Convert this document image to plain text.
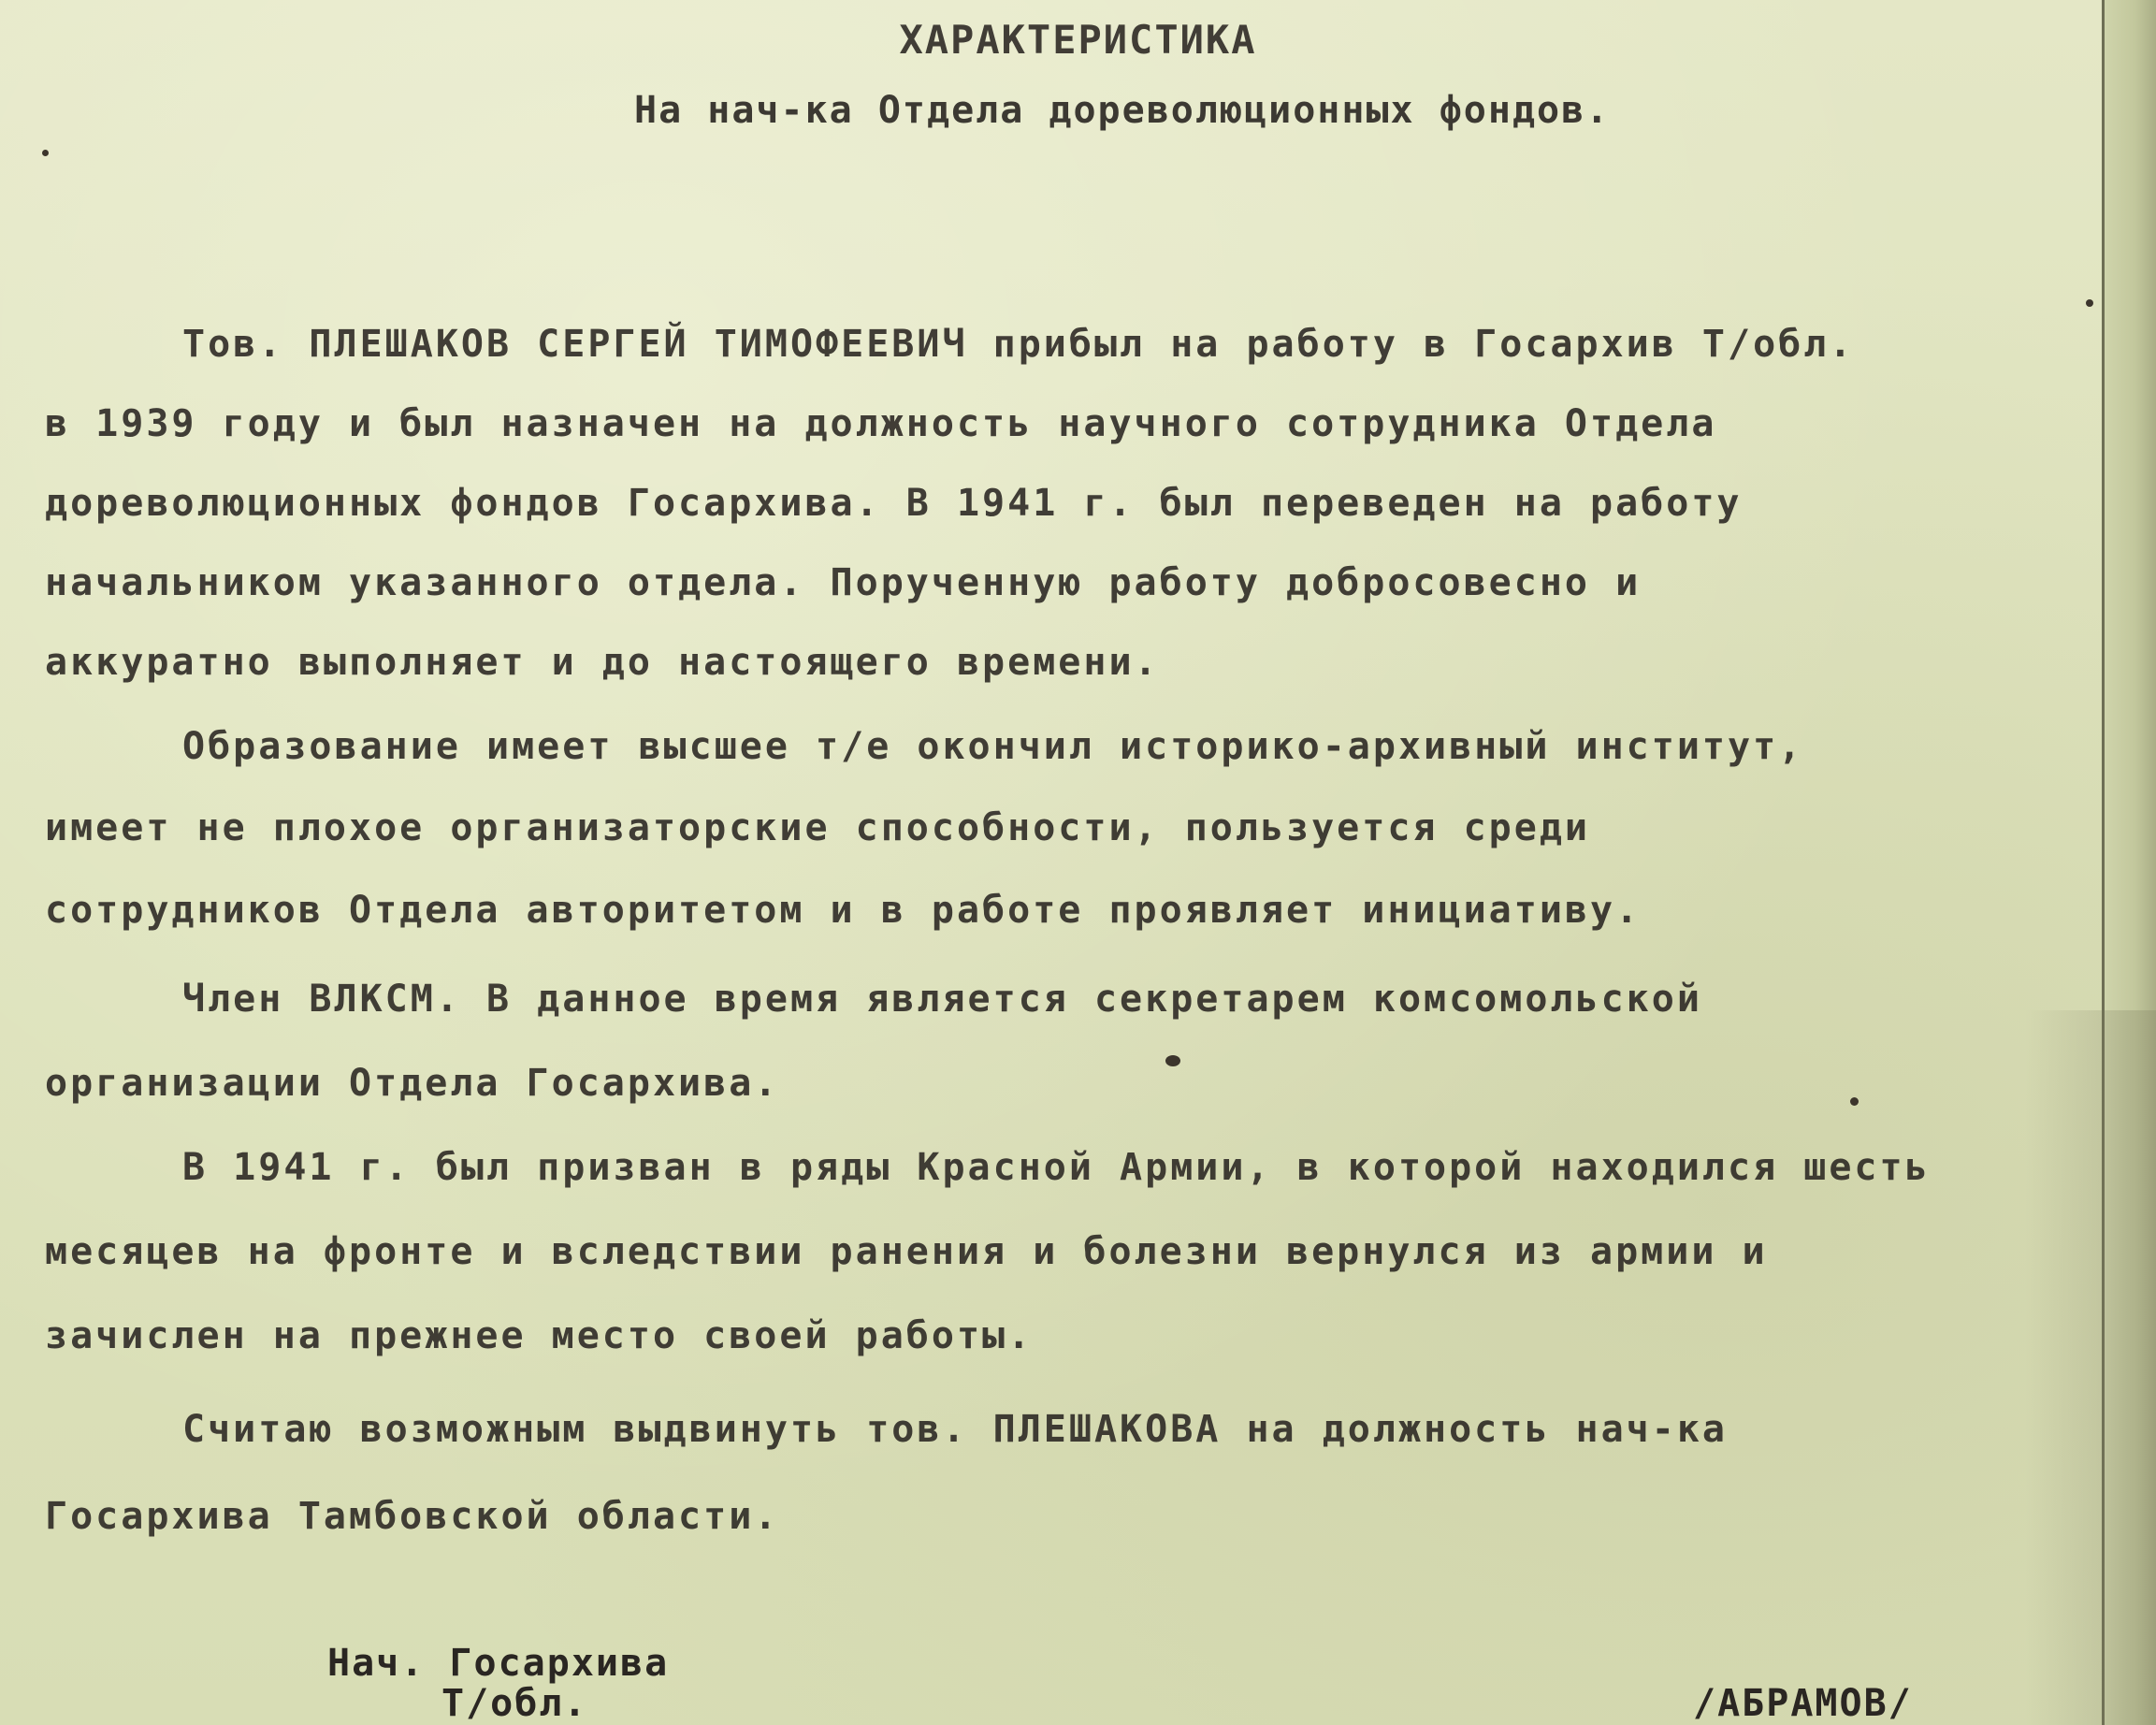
ХАРАКТЕРИСТИКА
На нач-ка Отдела дореволюционных фондов.
Тов. ПЛЕШАКОВ СЕРГЕЙ ТИМОФЕЕВИЧ прибыл на работу в Госархив Т/обл.
в 1939 году и был назначен на должность научного сотрудника Отдела
дореволюционных фондов Госархива. В 1941 г. был переведен на работу
начальником указанного отдела. Порученную работу добросовесно и
аккуратно выполняет и до настоящего времени.
Образование имеет высшее т/е окончил историко-архивный институт,
имеет не плохое организаторские способности, пользуется среди
сотрудников Отдела авторитетом и в работе проявляет инициативу.
Член ВЛКСМ. В данное время является секретарем комсомольской
организации Отдела Госархива.
В 1941 г. был призван в ряды Красной Армии, в которой находился шесть
месяцев на фронте и вследствии ранения и болезни вернулся из армии и
зачислен на прежнее место своей работы.
Считаю возможным выдвинуть тов. ПЛЕШАКОВА на должность нач-ка
Госархива Тамбовской области.
Нач. Госархива
Т/обл.	/АБРАМОВ/
